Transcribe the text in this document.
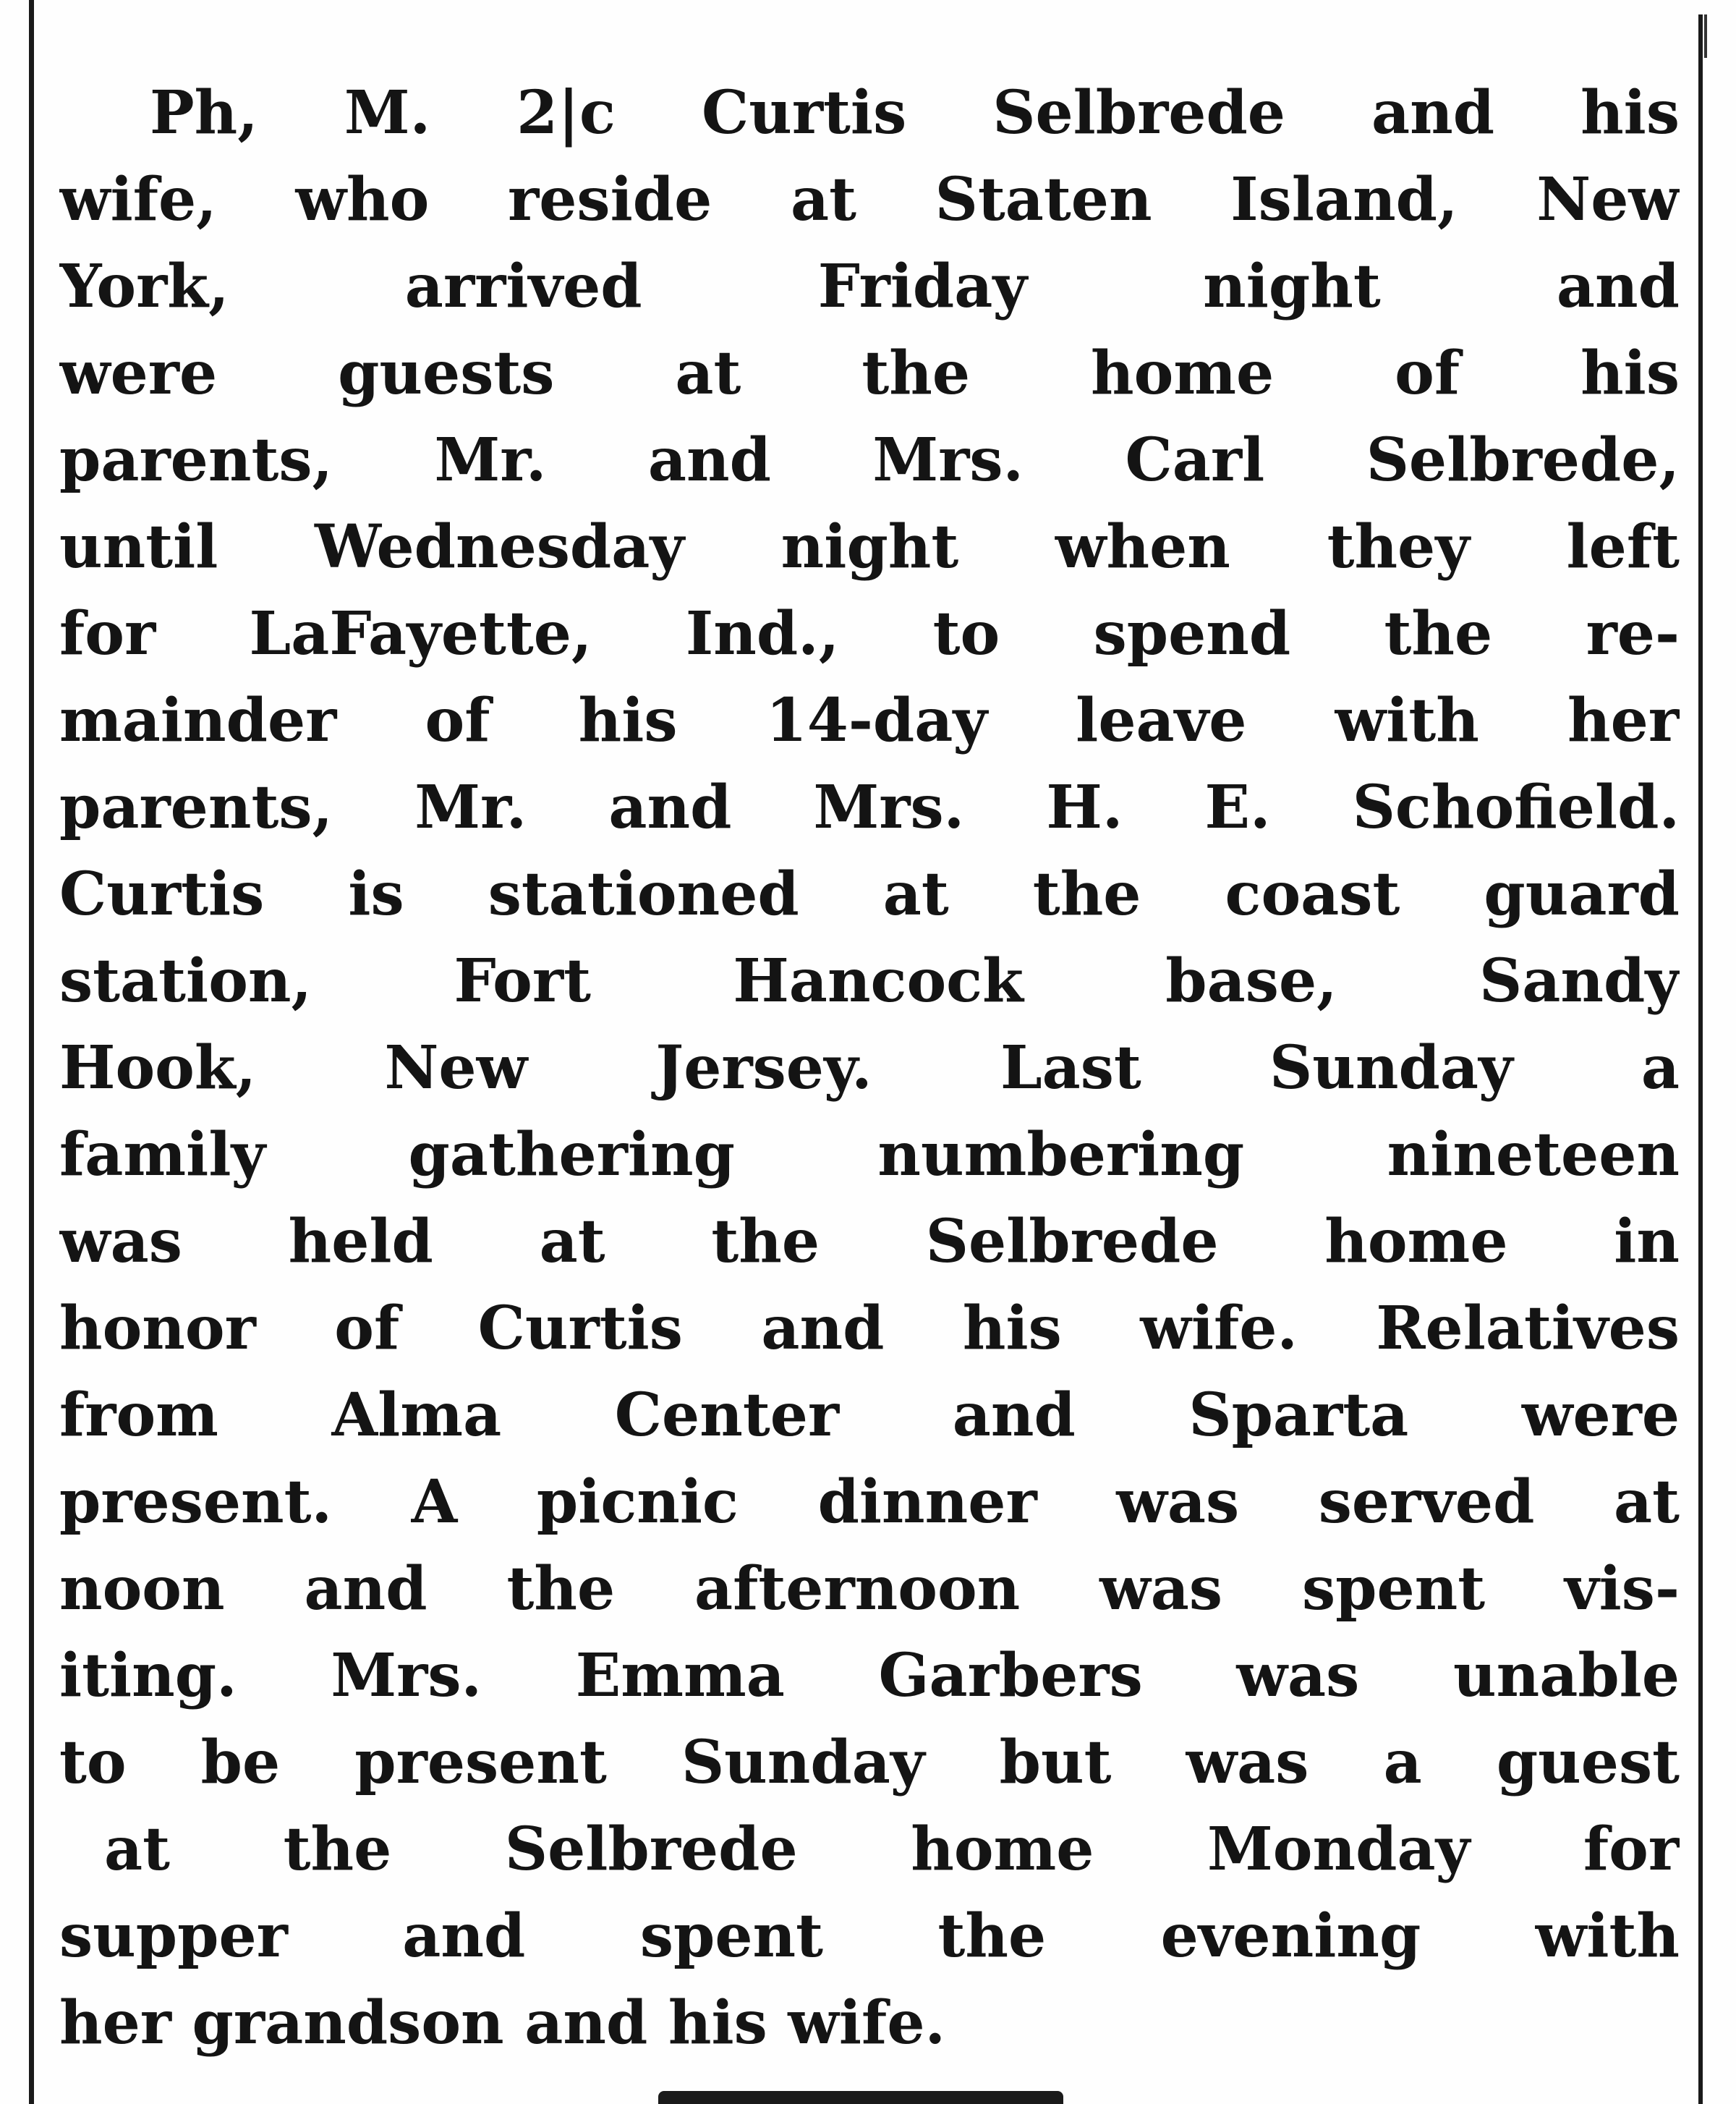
Ph, M. 2|c Curtis Selbrede and his
wife, who reside at Staten Island, New
York, arrived Friday night and
were guests at the home of his
parents, Mr. and Mrs. Carl Selbrede,
until Wednesday night when they left
for LaFayette, Ind., to spend the re-
mainder of his 14-day leave with her
parents, Mr. and Mrs. H. E. Schofield.
Curtis is stationed at the coast guard
station, Fort Hancock base, Sandy
Hook, New Jersey. Last Sunday a
family gathering numbering nineteen
was held at the Selbrede home in
honor of Curtis and his wife. Relatives
from Alma Center and Sparta were
present. A picnic dinner was served at
noon and the afternoon was spent vis-
iting. Mrs. Emma Garbers was unable
to be present Sunday but was a guest
at the Selbrede home Monday for
supper and spent the evening with
her grandson and his wife.
